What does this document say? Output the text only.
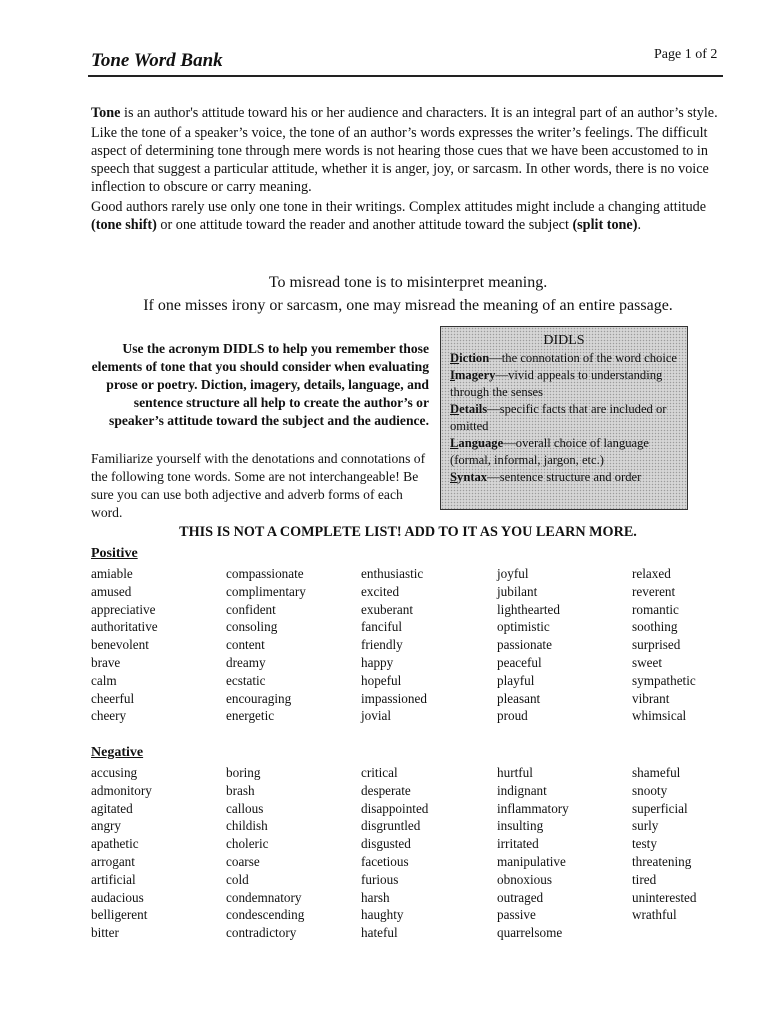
Tone Word Bank	Page 1 of 2

Tone is an author's attitude toward his or her audience and characters. It is an integral part of an author’s style.

Like the tone of a speaker’s voice, the tone of an author’s words expresses the writer’s feelings. The difficult aspect of determining tone through mere words is not hearing those cues that we have been accustomed to in speech that suggest a particular attitude, whether it is anger, joy, or sarcasm. In other words, there is no voice inflection to obscure or carry meaning.

Good authors rarely use only one tone in their writings. Complex attitudes might include a changing attitude (tone shift) or one attitude toward the reader and another attitude toward the subject (split tone).

To misread tone is to misinterpret meaning.
If one misses irony or sarcasm, one may misread the meaning of an entire passage.
Use the acronym DIDLS to help you remember those elements of tone that you should consider when evaluating prose or poetry. Diction, imagery, details, language, and sentence structure all help to create the author’s or speaker’s attitude toward the subject and the audience.
Familiarize yourself with the denotations and connotations of the following tone words. Some are not interchangeable! Be sure you can use both adjective and adverb forms of each word.
DIDLS
Diction—the connotation of the word choice
Imagery—vivid appeals to understanding through the senses
Details—specific facts that are included or omitted
Language—overall choice of language (formal, informal, jargon, etc.)
Syntax—sentence structure and order
THIS IS NOT A COMPLETE LIST! ADD TO IT AS YOU LEARN MORE.
Positive
amiable
amused
appreciative
authoritative
benevolent
brave
calm
cheerful
cheery
compassionate
complimentary
confident
consoling
content
dreamy
ecstatic
encouraging
energetic
enthusiastic
excited
exuberant
fanciful
friendly
happy
hopeful
impassioned
jovial
joyful
jubilant
lighthearted
optimistic
passionate
peaceful
playful
pleasant
proud
relaxed
reverent
romantic
soothing
surprised
sweet
sympathetic
vibrant
whimsical
Negative
accusing
admonitory
agitated
angry
apathetic
arrogant
artificial
audacious
belligerent
bitter
boring
brash
callous
childish
choleric
coarse
cold
condemnatory
condescending
contradictory
critical
desperate
disappointed
disgruntled
disgusted
facetious
furious
harsh
haughty
hateful
hurtful
indignant
inflammatory
insulting
irritated
manipulative
obnoxious
outraged
passive
quarrelsome
shameful
snooty
superficial
surly
testy
threatening
tired
uninterested
wrathful
